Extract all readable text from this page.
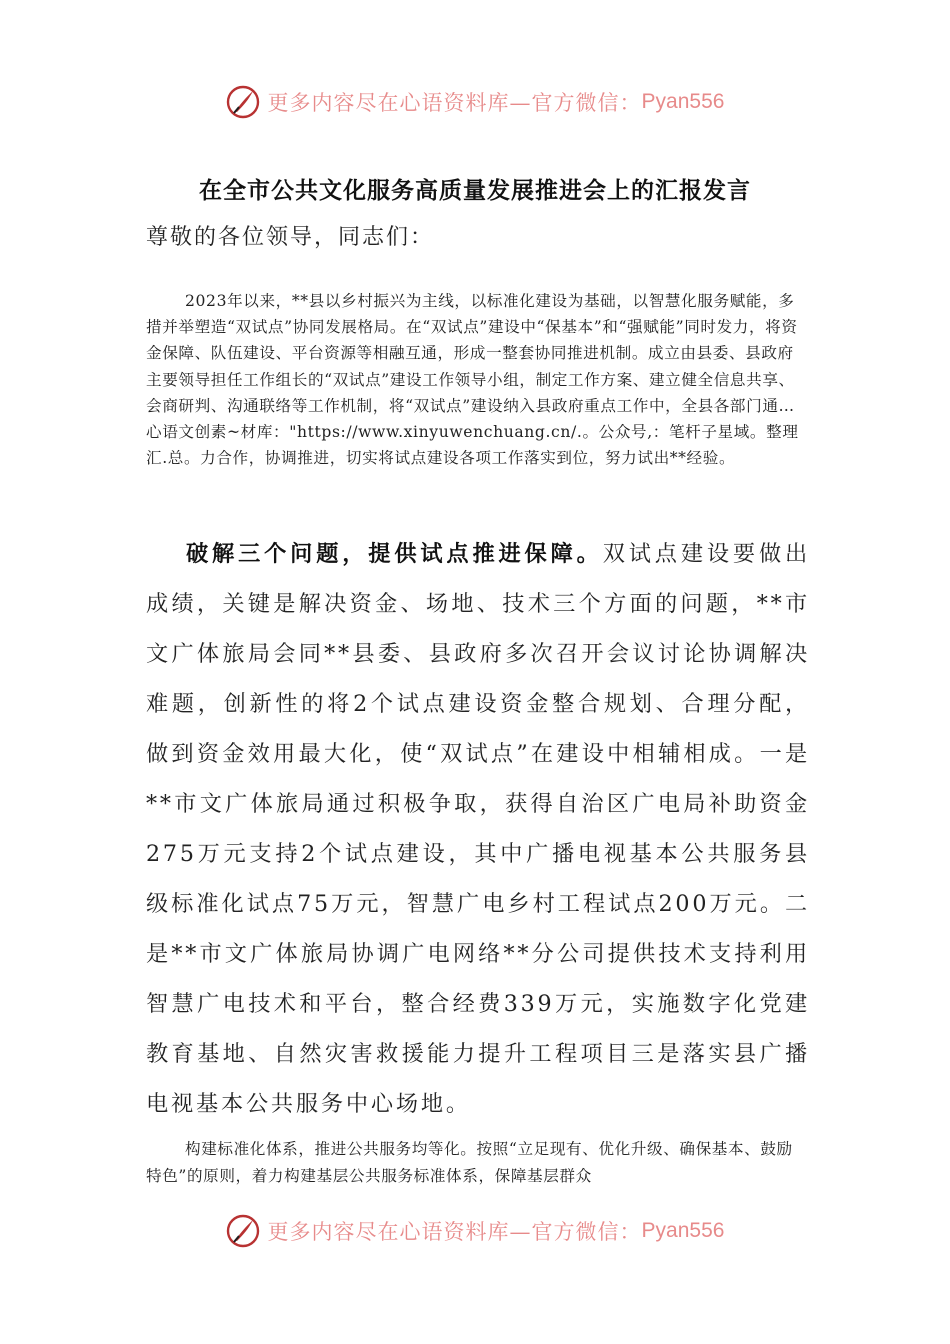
更多内容尽在心语资料库—官方微信： Pyan556
在全市公共文化服务高质量发展推进会上的汇报发言
尊敬的各位领导，同志们：

2023年以来，**县以乡村振兴为主线，以标准化建设为基础，以智慧化服务赋能，多措并举塑造“双试点”协同发展格局。在“双试点”建设中“保基本”和“强赋能”同时发力，将资金保障、队伍建设、平台资源等相融互通，形成一整套协同推进机制。成立由县委、县政府主要领导担任工作组长的“双试点”建设工作领导小组，制定工作方案、建立健全信息共享、会商研判、沟通联络等工作机制，将“双试点”建设纳入县政府重点工作中，全县各部门通…心语文创素~材库："https://www.xinyuwenchuang.cn/.。公众号,：笔杆子星域。整理汇.总。力合作，协调推进，切实将试点建设各项工作落实到位，努力试出**经验。

破解三个问题，提供试点推进保障。双试点建设要做出成绩，关键是解决资金、场地、技术三个方面的问题，**市文广体旅局会同**县委、县政府多次召开会议讨论协调解决难题，创新性的将2个试点建设资金整合规划、合理分配，做到资金效用最大化，使“双试点”在建设中相辅相成。一是**市文广体旅局通过积极争取，获得自治区广电局补助资金275万元支持2个试点建设，其中广播电视基本公共服务县级标准化试点75万元，智慧广电乡村工程试点200万元。二是**市文广体旅局协调广电网络**分公司提供技术支持利用智慧广电技术和平台，整合经费339万元，实施数字化党建教育基地、自然灾害救援能力提升工程项目三是落实县广播电视基本公共服务中心场地。

构建标准化体系，推进公共服务均等化。按照“立足现有、优化升级、确保基本、鼓励特色”的原则，着力构建基层公共服务标准体系，保障基层群众

更多内容尽在心语资料库—官方微信： Pyan556
